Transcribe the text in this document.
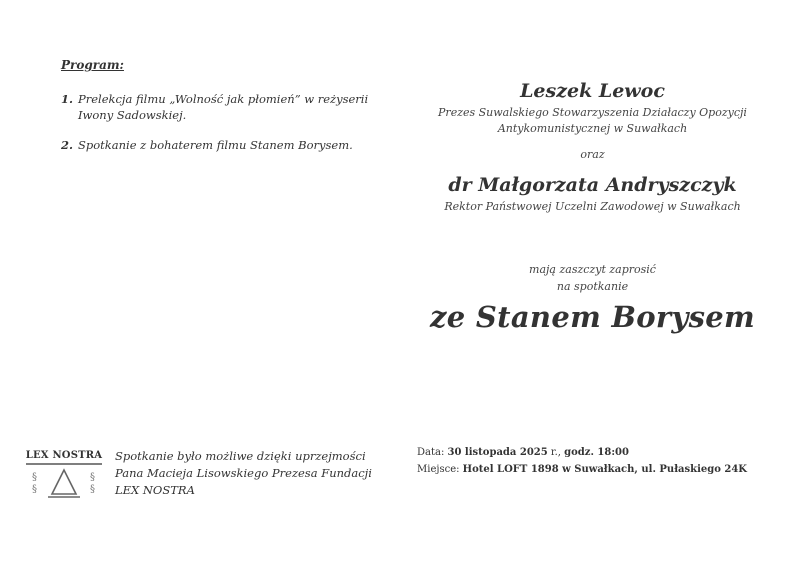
Program:
1. Prelekcja filmu „Wolność jak płomień” w reżyserii Iwony Sadowskiej.
2. Spotkanie z bohaterem filmu Stanem Borysem.
Leszek Lewoc
Prezes Suwalskiego Stowarzyszenia Działaczy Opozycji
Antykomunistycznej w Suwałkach
oraz
dr Małgorzata Andryszczyk
Rektor Państwowej Uczelni Zawodowej w Suwałkach
mają zaszczyt zaprosić
na spotkanie
ze Stanem Borysem
LEX NOSTRA
§
§
§
§
Spotkanie było możliwe dzięki uprzejmości
Pana Macieja Lisowskiego Prezesa Fundacji
LEX NOSTRA
Data: 30 listopada 2025 r., godz. 18:00
Miejsce: Hotel LOFT 1898 w Suwałkach, ul. Pułaskiego 24K
